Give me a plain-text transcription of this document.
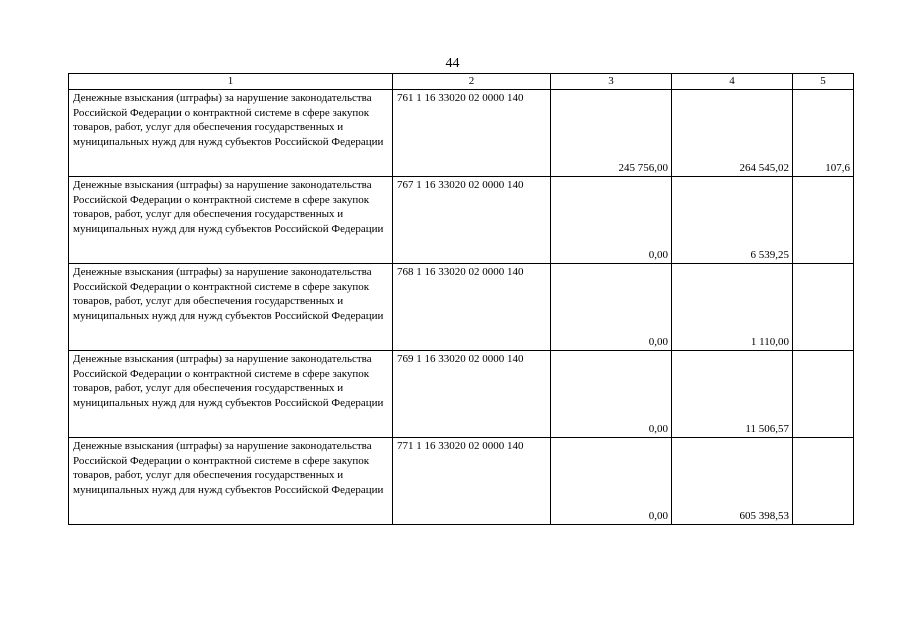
44
1	2	3	4	5
Денежные взыскания (штрафы) за нарушение законодательства Российской Федерации о контрактной системе в сфере закупок товаров, работ, услуг для обеспечения государственных и муниципальных нужд для нужд субъектов Российской Федерации	761 1 16 33020 02 0000 140	245 756,00	264 545,02	107,6
Денежные взыскания (штрафы) за нарушение законодательства Российской Федерации о контрактной системе в сфере закупок товаров, работ, услуг для обеспечения государственных и муниципальных нужд для нужд субъектов Российской Федерации	767 1 16 33020 02 0000 140	0,00	6 539,25	
Денежные взыскания (штрафы) за нарушение законодательства Российской Федерации о контрактной системе в сфере закупок товаров, работ, услуг для обеспечения государственных и муниципальных нужд для нужд субъектов Российской Федерации	768 1 16 33020 02 0000 140	0,00	1 110,00	
Денежные взыскания (штрафы) за нарушение законодательства Российской Федерации о контрактной системе в сфере закупок товаров, работ, услуг для обеспечения государственных и муниципальных нужд для нужд субъектов Российской Федерации	769 1 16 33020 02 0000 140	0,00	11 506,57	
Денежные взыскания (штрафы) за нарушение законодательства Российской Федерации о контрактной системе в сфере закупок товаров, работ, услуг для обеспечения государственных и муниципальных нужд для нужд субъектов Российской Федерации	771 1 16 33020 02 0000 140	0,00	605 398,53	
